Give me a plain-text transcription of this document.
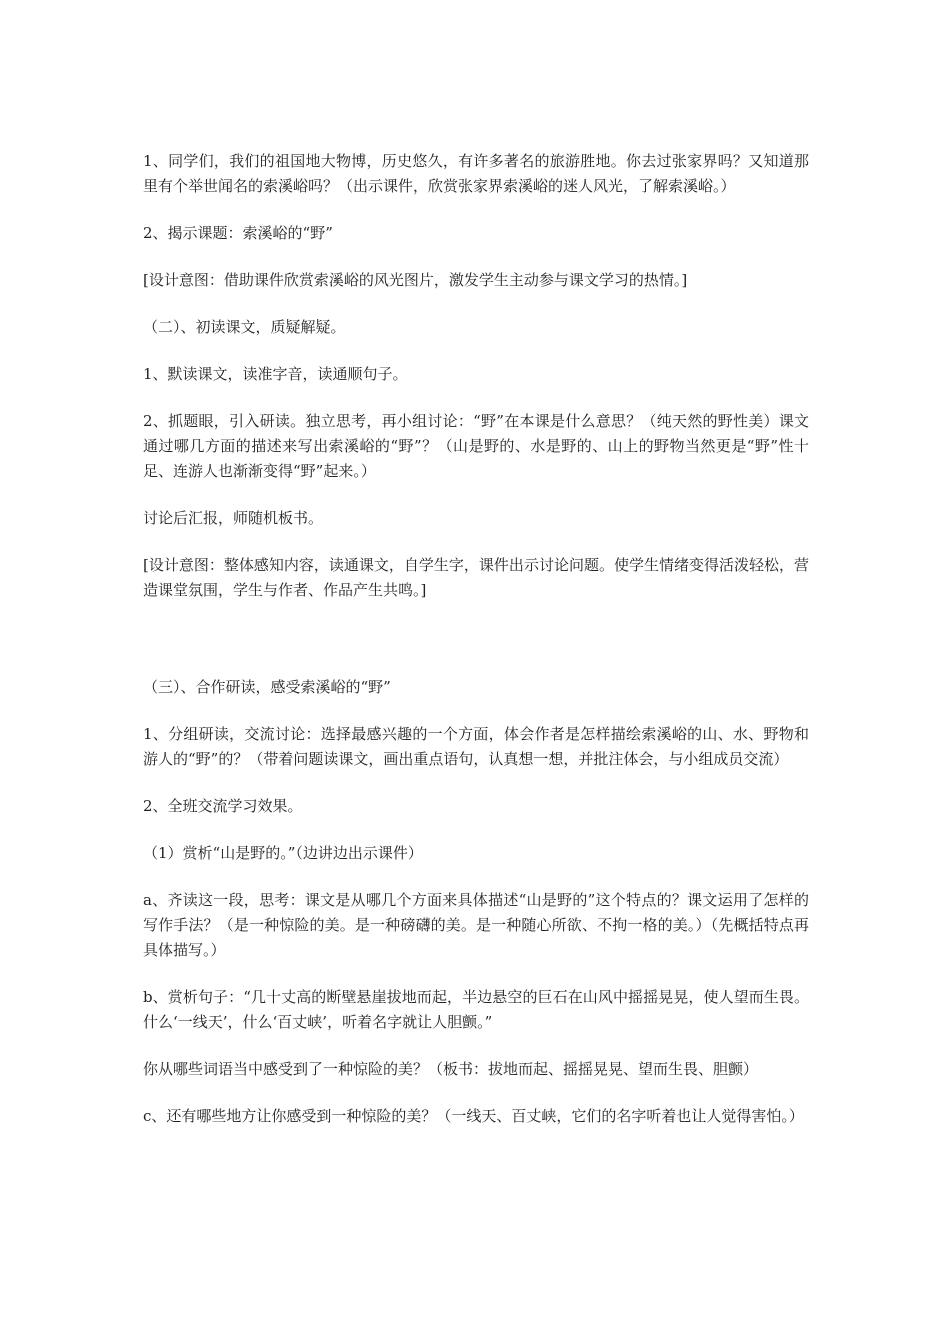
1、同学们，我们的祖国地大物博，历史悠久，有许多著名的旅游胜地。你去过张家界吗？又知道那里有个举世闻名的索溪峪吗？（出示课件，欣赏张家界索溪峪的迷人风光，了解索溪峪。）

2、揭示课题：索溪峪的“野”

[设计意图：借助课件欣赏索溪峪的风光图片，激发学生主动参与课文学习的热情。]

（二）、初读课文，质疑解疑。

1、默读课文，读准字音，读通顺句子。

2、抓题眼，引入研读。独立思考，再小组讨论：“野”在本课是什么意思？（纯天然的野性美）课文通过哪几方面的描述来写出索溪峪的“野”？（山是野的、水是野的、山上的野物当然更是“野”性十足、连游人也渐渐变得“野”起来。）

讨论后汇报，师随机板书。

[设计意图：整体感知内容，读通课文，自学生字，课件出示讨论问题。使学生情绪变得活泼轻松，营造课堂氛围，学生与作者、作品产生共鸣。]

（三）、合作研读，感受索溪峪的“野”

1、分组研读，交流讨论：选择最感兴趣的一个方面，体会作者是怎样描绘索溪峪的山、水、野物和游人的“野”的？（带着问题读课文，画出重点语句，认真想一想，并批注体会，与小组成员交流）

2、全班交流学习效果。

（1）赏析“山是野的。”（边讲边出示课件）

a、齐读这一段，思考：课文是从哪几个方面来具体描述“山是野的”这个特点的？课文运用了怎样的写作手法？（是一种惊险的美。是一种磅礴的美。是一种随心所欲、不拘一格的美。）（先概括特点再具体描写。）

b、赏析句子：“几十丈高的断壁悬崖拔地而起，半边悬空的巨石在山风中摇摇晃晃，使人望而生畏。什么‘一线天’，什么‘百丈峡’，听着名字就让人胆颤。”

你从哪些词语当中感受到了一种惊险的美？（板书：拔地而起、摇摇晃晃、望而生畏、胆颤）

c、还有哪些地方让你感受到一种惊险的美？（一线天、百丈峡，它们的名字听着也让人觉得害怕。）
